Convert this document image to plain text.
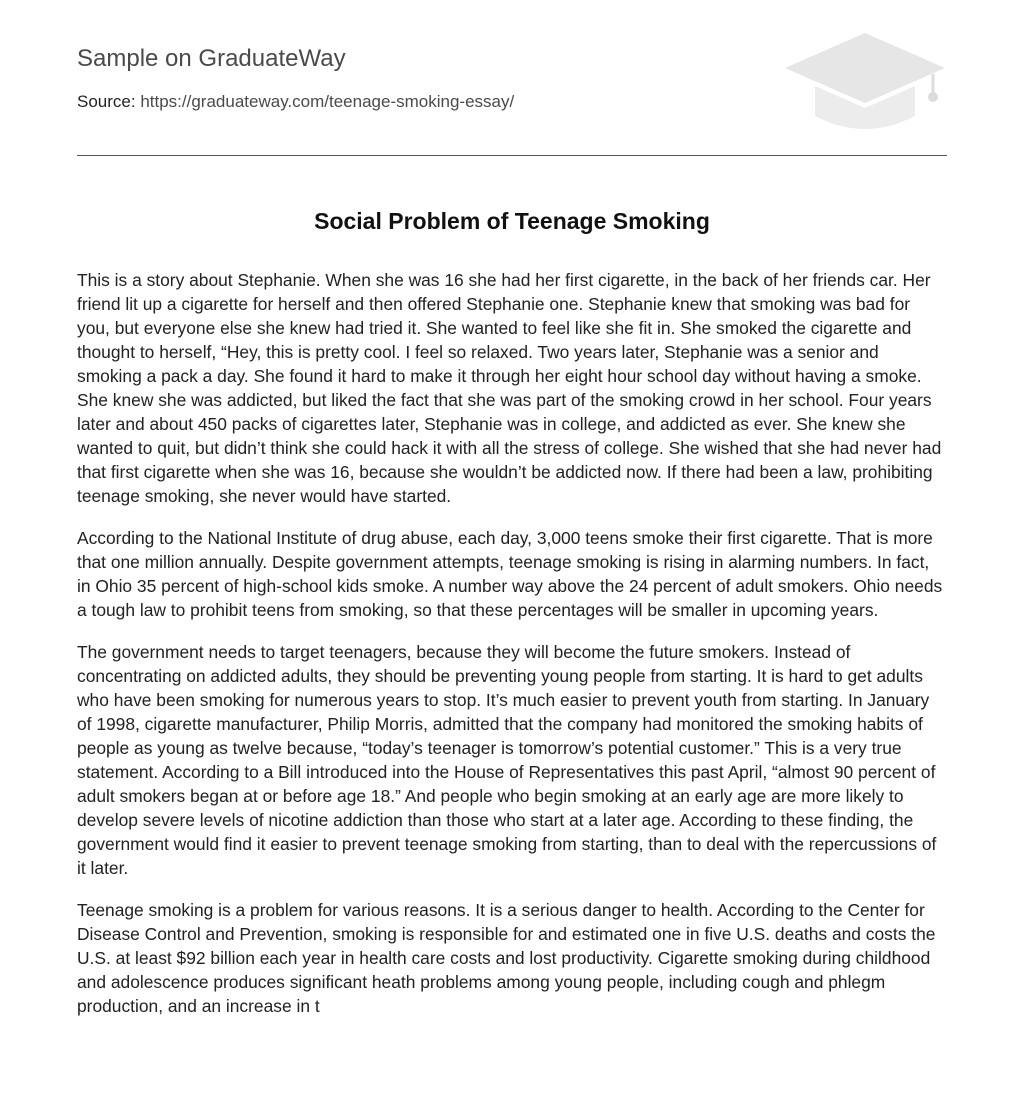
Sample on GraduateWay
Source: https://graduateway.com/teenage-smoking-essay/
Social Problem of Teenage Smoking

This is a story about Stephanie. When she was 16 she had her first cigarette, in the back of her friends car. Her friend lit up a cigarette for herself and then offered Stephanie one. Stephanie knew that smoking was bad for you, but everyone else she knew had tried it. She wanted to feel like she fit in. She smoked the cigarette and thought to herself, “Hey, this is pretty cool. I feel so relaxed. Two years later, Stephanie was a senior and smoking a pack a day. She found it hard to make it through her eight hour school day without having a smoke. She knew she was addicted, but liked the fact that she was part of the smoking crowd in her school. Four years later and about 450 packs of cigarettes later, Stephanie was in college, and addicted as ever. She knew she wanted to quit, but didn’t think she could hack it with all the stress of college. She wished that she had never had that first cigarette when she was 16, because she wouldn’t be addicted now. If there had been a law, prohibiting teenage smoking, she never would have started.

According to the National Institute of drug abuse, each day, 3,000 teens smoke their first cigarette. That is more that one million annually. Despite government attempts, teenage smoking is rising in alarming numbers. In fact, in Ohio 35 percent of high-school kids smoke. A number way above the 24 percent of adult smokers. Ohio needs a tough law to prohibit teens from smoking, so that these percentages will be smaller in upcoming years.

The government needs to target teenagers, because they will become the future smokers. Instead of concentrating on addicted adults, they should be preventing young people from starting. It is hard to get adults who have been smoking for numerous years to stop. It’s much easier to prevent youth from starting. In January of 1998, cigarette manufacturer, Philip Morris, admitted that the company had monitored the smoking habits of people as young as twelve because, “today’s teenager is tomorrow’s potential customer.” This is a very true statement. According to a Bill introduced into the House of Representatives this past April, “almost 90 percent of adult smokers began at or before age 18.” And people who begin smoking at an early age are more likely to develop severe levels of nicotine addiction than those who start at a later age. According to these finding, the government would find it easier to prevent teenage smoking from starting, than to deal with the repercussions of it later.

Teenage smoking is a problem for various reasons. It is a serious danger to health. According to the Center for Disease Control and Prevention, smoking is responsible for and estimated one in five U.S. deaths and costs the U.S. at least $92 billion each year in health care costs and lost productivity. Cigarette smoking during childhood and adolescence produces significant heath problems among young people, including cough and phlegm production, and an increase in t
